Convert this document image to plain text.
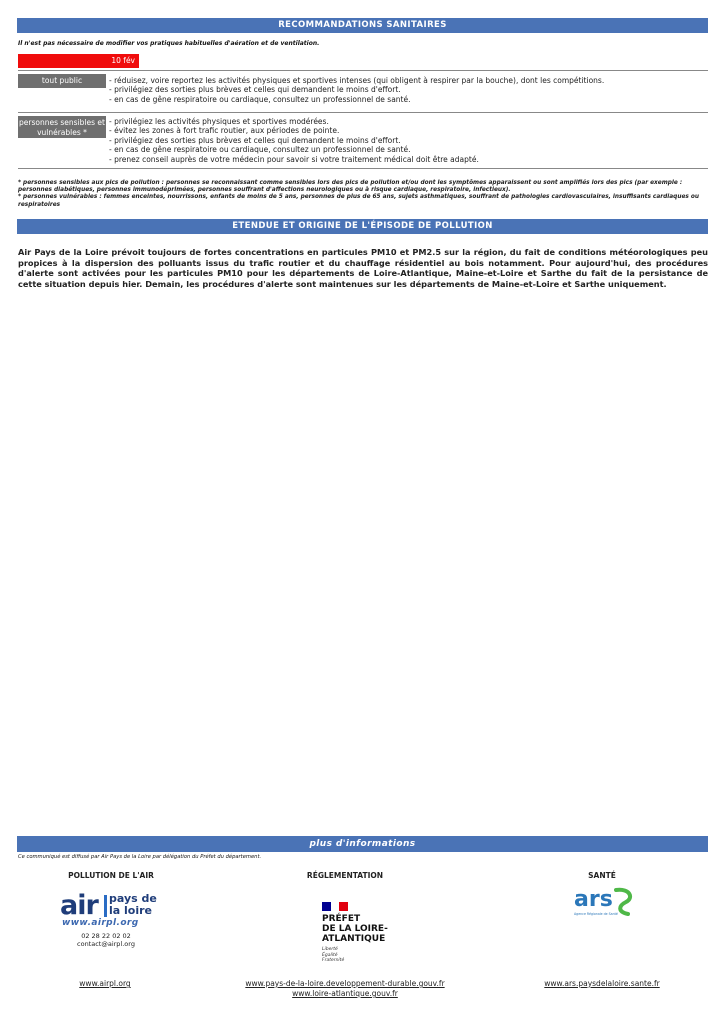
RECOMMANDATIONS SANITAIRES
Il n'est pas nécessaire de modifier vos pratiques habituelles d'aération et de ventilation.
10 fév
tout public	- réduisez, voire reportez les activités physiques et sportives intenses (qui obligent à respirer par la bouche), dont les compétitions.
- privilégiez des sorties plus brèves et celles qui demandent le moins d'effort.
- en cas de gêne respiratoire ou cardiaque, consultez un professionnel de santé.
personnes sensibles et vulnérables *
- privilégiez les activités physiques et sportives modérées.
- évitez les zones à fort trafic routier, aux périodes de pointe.
- privilégiez des sorties plus brèves et celles qui demandent le moins d'effort.
- en cas de gêne respiratoire ou cardiaque, consultez un professionnel de santé.
- prenez conseil auprès de votre médecin pour savoir si votre traitement médical doit être adapté.
* personnes sensibles aux pics de pollution : personnes se reconnaissant comme sensibles lors des pics de pollution et/ou dont les symptômes apparaissent ou sont amplifiés lors des pics (par exemple : personnes diabétiques, personnes immunodéprimées, personnes souffrant d'affections neurologiques ou à risque cardiaque, respiratoire, infectieux).
* personnes vulnérables : femmes enceintes, nourrissons, enfants de moins de 5 ans, personnes de plus de 65 ans, sujets asthmatiques, souffrant de pathologies cardiovasculaires, insuffisants cardiaques ou respiratoires
ETENDUE ET ORIGINE DE L'ÉPISODE DE POLLUTION
Air Pays de la Loire prévoit toujours de fortes concentrations en particules PM10 et PM2.5 sur la région, du fait de conditions météorologiques peu propices à la dispersion des polluants issus du trafic routier et du chauffage résidentiel au bois notamment. Pour aujourd'hui, des procédures d'alerte sont activées pour les particules PM10 pour les départements de Loire-Atlantique, Maine-et-Loire et Sarthe du fait de la persistance de cette situation depuis hier. Demain, les procédures d'alerte sont maintenues sur les départements de Maine-et-Loire et Sarthe uniquement.
plus d'informations
Ce communiqué est diffusé par Air Pays de la Loire par délégation du Préfet du département.
POLLUTION DE L'AIR	RÉGLEMENTATION	SANTÉ
air pays de
la loire
www.airpl.org
02 28 22 02 02
contact@airpl.org
PRÉFET
DE LA LOIRE-
ATLANTIQUE
Liberté
Égalité
Fraternité
ars
Agence Régionale de Santé
www.airpl.org	www.pays-de-la-loire.developpement-durable.gouv.fr
www.loire-atlantique.gouv.fr
www.ars.paysdelaloire.sante.fr
